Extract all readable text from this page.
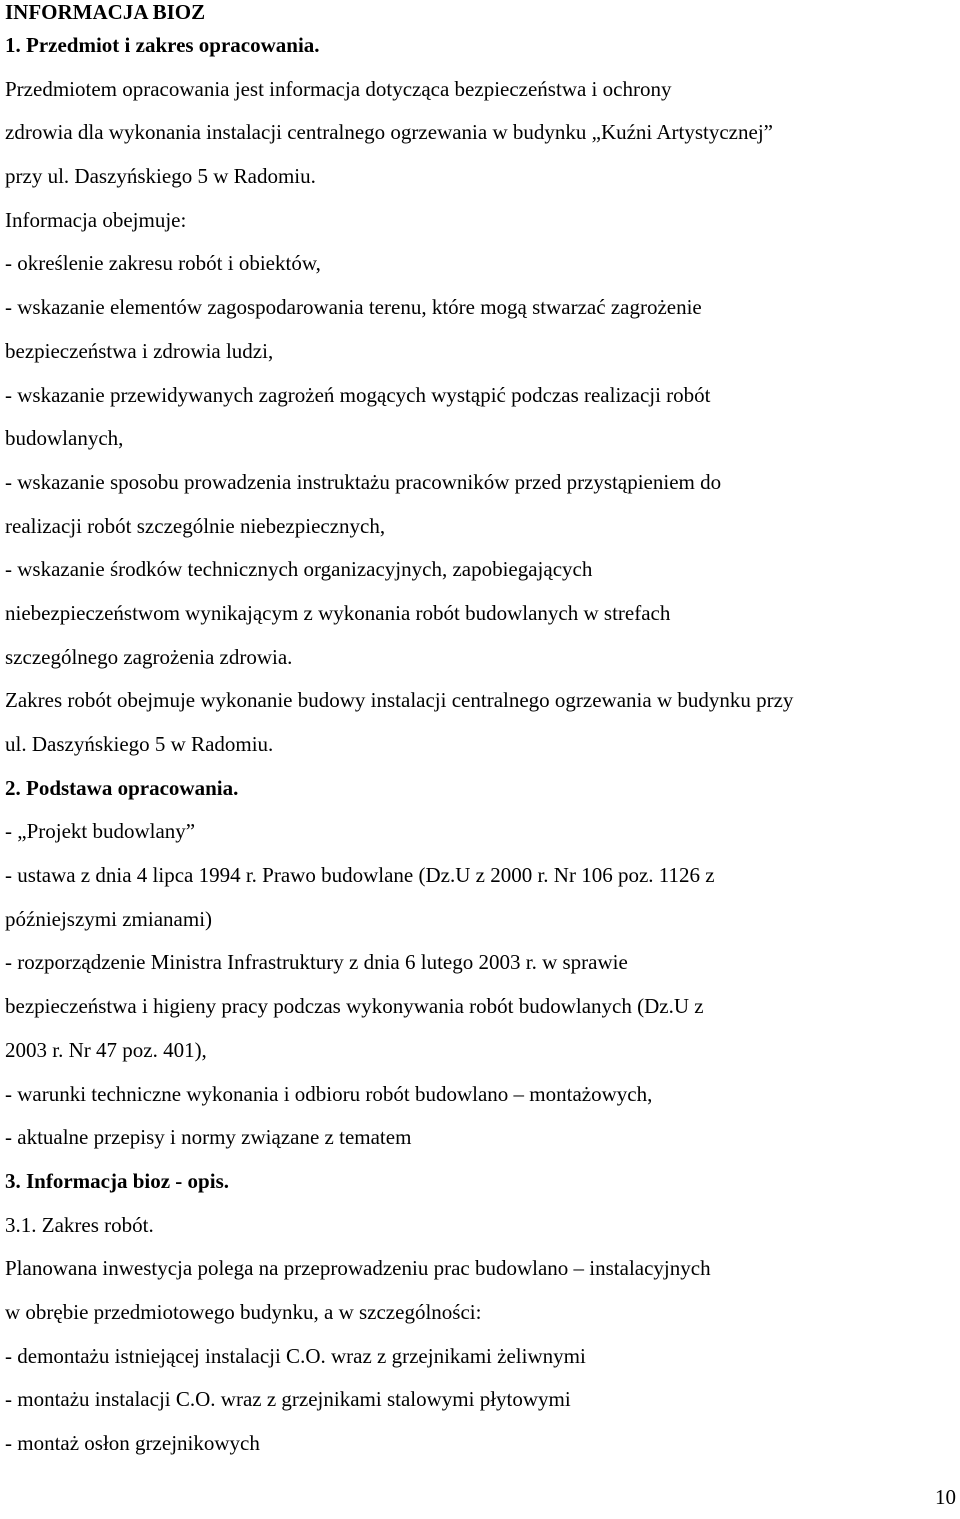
INFORMACJA BIOZ
1. Przedmiot i zakres opracowania.
Przedmiotem opracowania jest informacja dotycząca bezpieczeństwa i ochrony
zdrowia dla wykonania instalacji centralnego ogrzewania w budynku „Kuźni Artystycznej”
przy ul. Daszyńskiego 5 w Radomiu.
Informacja obejmuje:
- określenie zakresu robót i obiektów,
- wskazanie elementów zagospodarowania terenu, które mogą stwarzać zagrożenie
bezpieczeństwa i zdrowia ludzi,
- wskazanie przewidywanych zagrożeń mogących wystąpić podczas realizacji robót
budowlanych,
- wskazanie sposobu prowadzenia instruktażu pracowników przed przystąpieniem do
realizacji robót szczególnie niebezpiecznych,
- wskazanie środków technicznych organizacyjnych, zapobiegających
niebezpieczeństwom wynikającym z wykonania robót budowlanych w strefach
szczególnego zagrożenia zdrowia.
Zakres robót obejmuje wykonanie budowy instalacji centralnego ogrzewania w budynku przy
ul. Daszyńskiego 5 w Radomiu.
2. Podstawa opracowania.
- „Projekt budowlany”
- ustawa z dnia 4 lipca 1994 r. Prawo budowlane (Dz.U z 2000 r. Nr 106 poz. 1126 z
późniejszymi zmianami)
- rozporządzenie Ministra Infrastruktury z dnia 6 lutego 2003 r. w sprawie
bezpieczeństwa i higieny pracy podczas wykonywania robót budowlanych (Dz.U z
2003 r. Nr 47 poz. 401),
- warunki techniczne wykonania i odbioru robót budowlano – montażowych,
- aktualne przepisy i normy związane z tematem
3. Informacja bioz - opis.
3.1. Zakres robót.
Planowana inwestycja polega na przeprowadzeniu prac budowlano – instalacyjnych
w obrębie przedmiotowego budynku, a w szczególności:
- demontażu istniejącej instalacji C.O. wraz z grzejnikami żeliwnymi
- montażu instalacji C.O. wraz z grzejnikami stalowymi płytowymi
- montaż osłon grzejnikowych
10
